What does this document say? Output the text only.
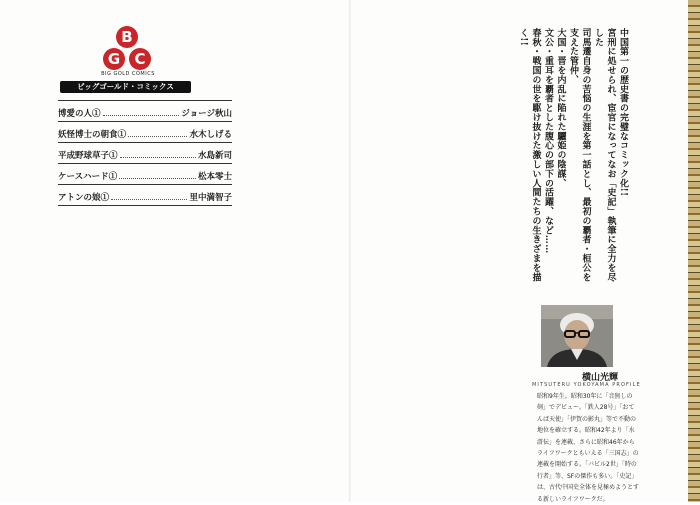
B
G C
BIG GOLD COMICS
ビッグゴールド・コミックス
博愛の人①	ジョージ秋山
妖怪博士の朝食①	水木しげる
平成野球草子①	水島新司
ケースハード①	松本零士
アトンの娘①	里中満智子

中国第一の歴史書の完璧なコミック化!!

宮刑に処せられ、宦官になってなお「史記」執筆に全力を尽した

司馬遷自身の苦悩の生涯を第一話とし、最初の覇者・桓公を支えた管仲、

大国・晋を内乱に陥れた驪姫の陰謀、

文公・重耳を覇者とした腹心の部下の活躍、など……

春秋・戦国の世を駆け抜けた激しい人間たちの生きざまを描く!!

横山光輝
MITSUTERU YOKOYAMA PROFILE

昭和9年生。昭和30年に「音無しの剣」でデビュー。「鉄人28号」「おてんば天使」「伊賀の影丸」等で不動の地位を確立する。昭和42年より「水滸伝」を連載、さらに昭和46年からライフワークともいえる「三国志」の連載を開始する。「バビル2世」「時の行者」等、SFの傑作も多い。「史記」は、古代中国史全体を見極めようとする新しいライフワークだ。
